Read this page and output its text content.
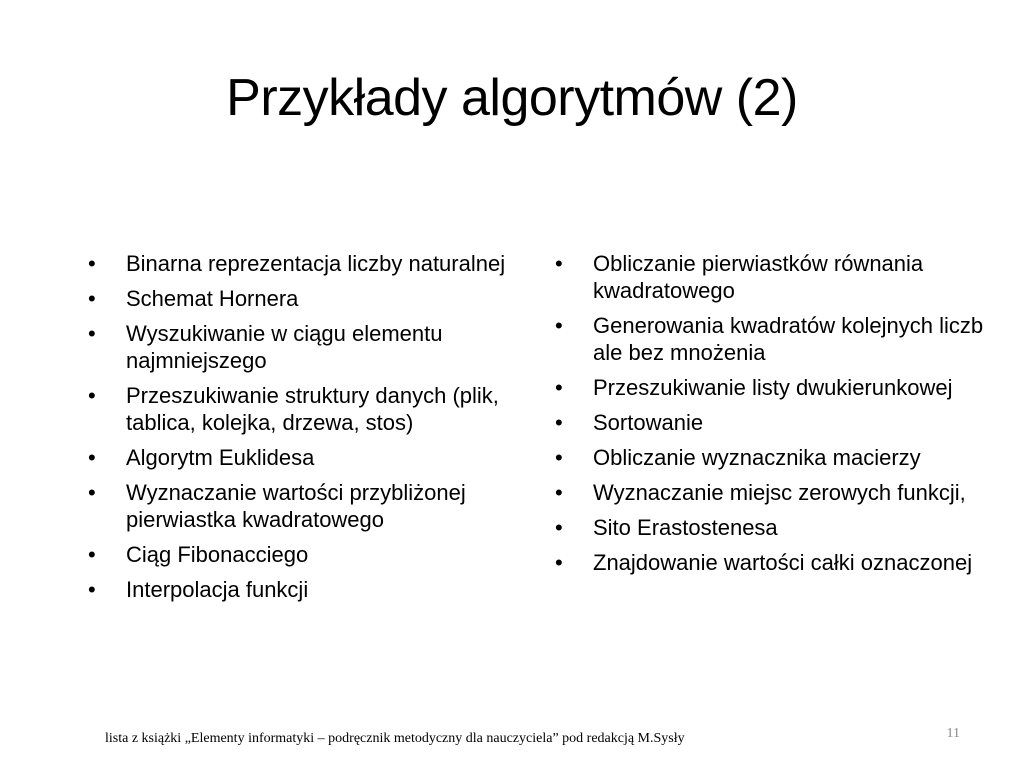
Przykłady algorytmów (2)
•	Binarna reprezentacja liczby naturalnej
•	Schemat Hornera
•	Wyszukiwanie w ciągu elementu najmniejszego
•	Przeszukiwanie struktury danych (plik, tablica, kolejka, drzewa, stos)
•	Algorytm Euklidesa
•	Wyznaczanie wartości przybliżonej pierwiastka kwadratowego
•	Ciąg Fibonacciego
•	Interpolacja funkcji
•	Obliczanie pierwiastków równania kwadratowego
•	Generowania kwadratów kolejnych liczb ale bez mnożenia
•	Przeszukiwanie listy dwukierunkowej
•	Sortowanie
•	Obliczanie wyznacznika macierzy
•	Wyznaczanie miejsc zerowych funkcji,
•	Sito Erastostenesa
•	Znajdowanie wartości całki oznaczonej
lista z książki „Elementy informatyki – podręcznik metodyczny dla nauczyciela” pod redakcją M.Sysły	11
